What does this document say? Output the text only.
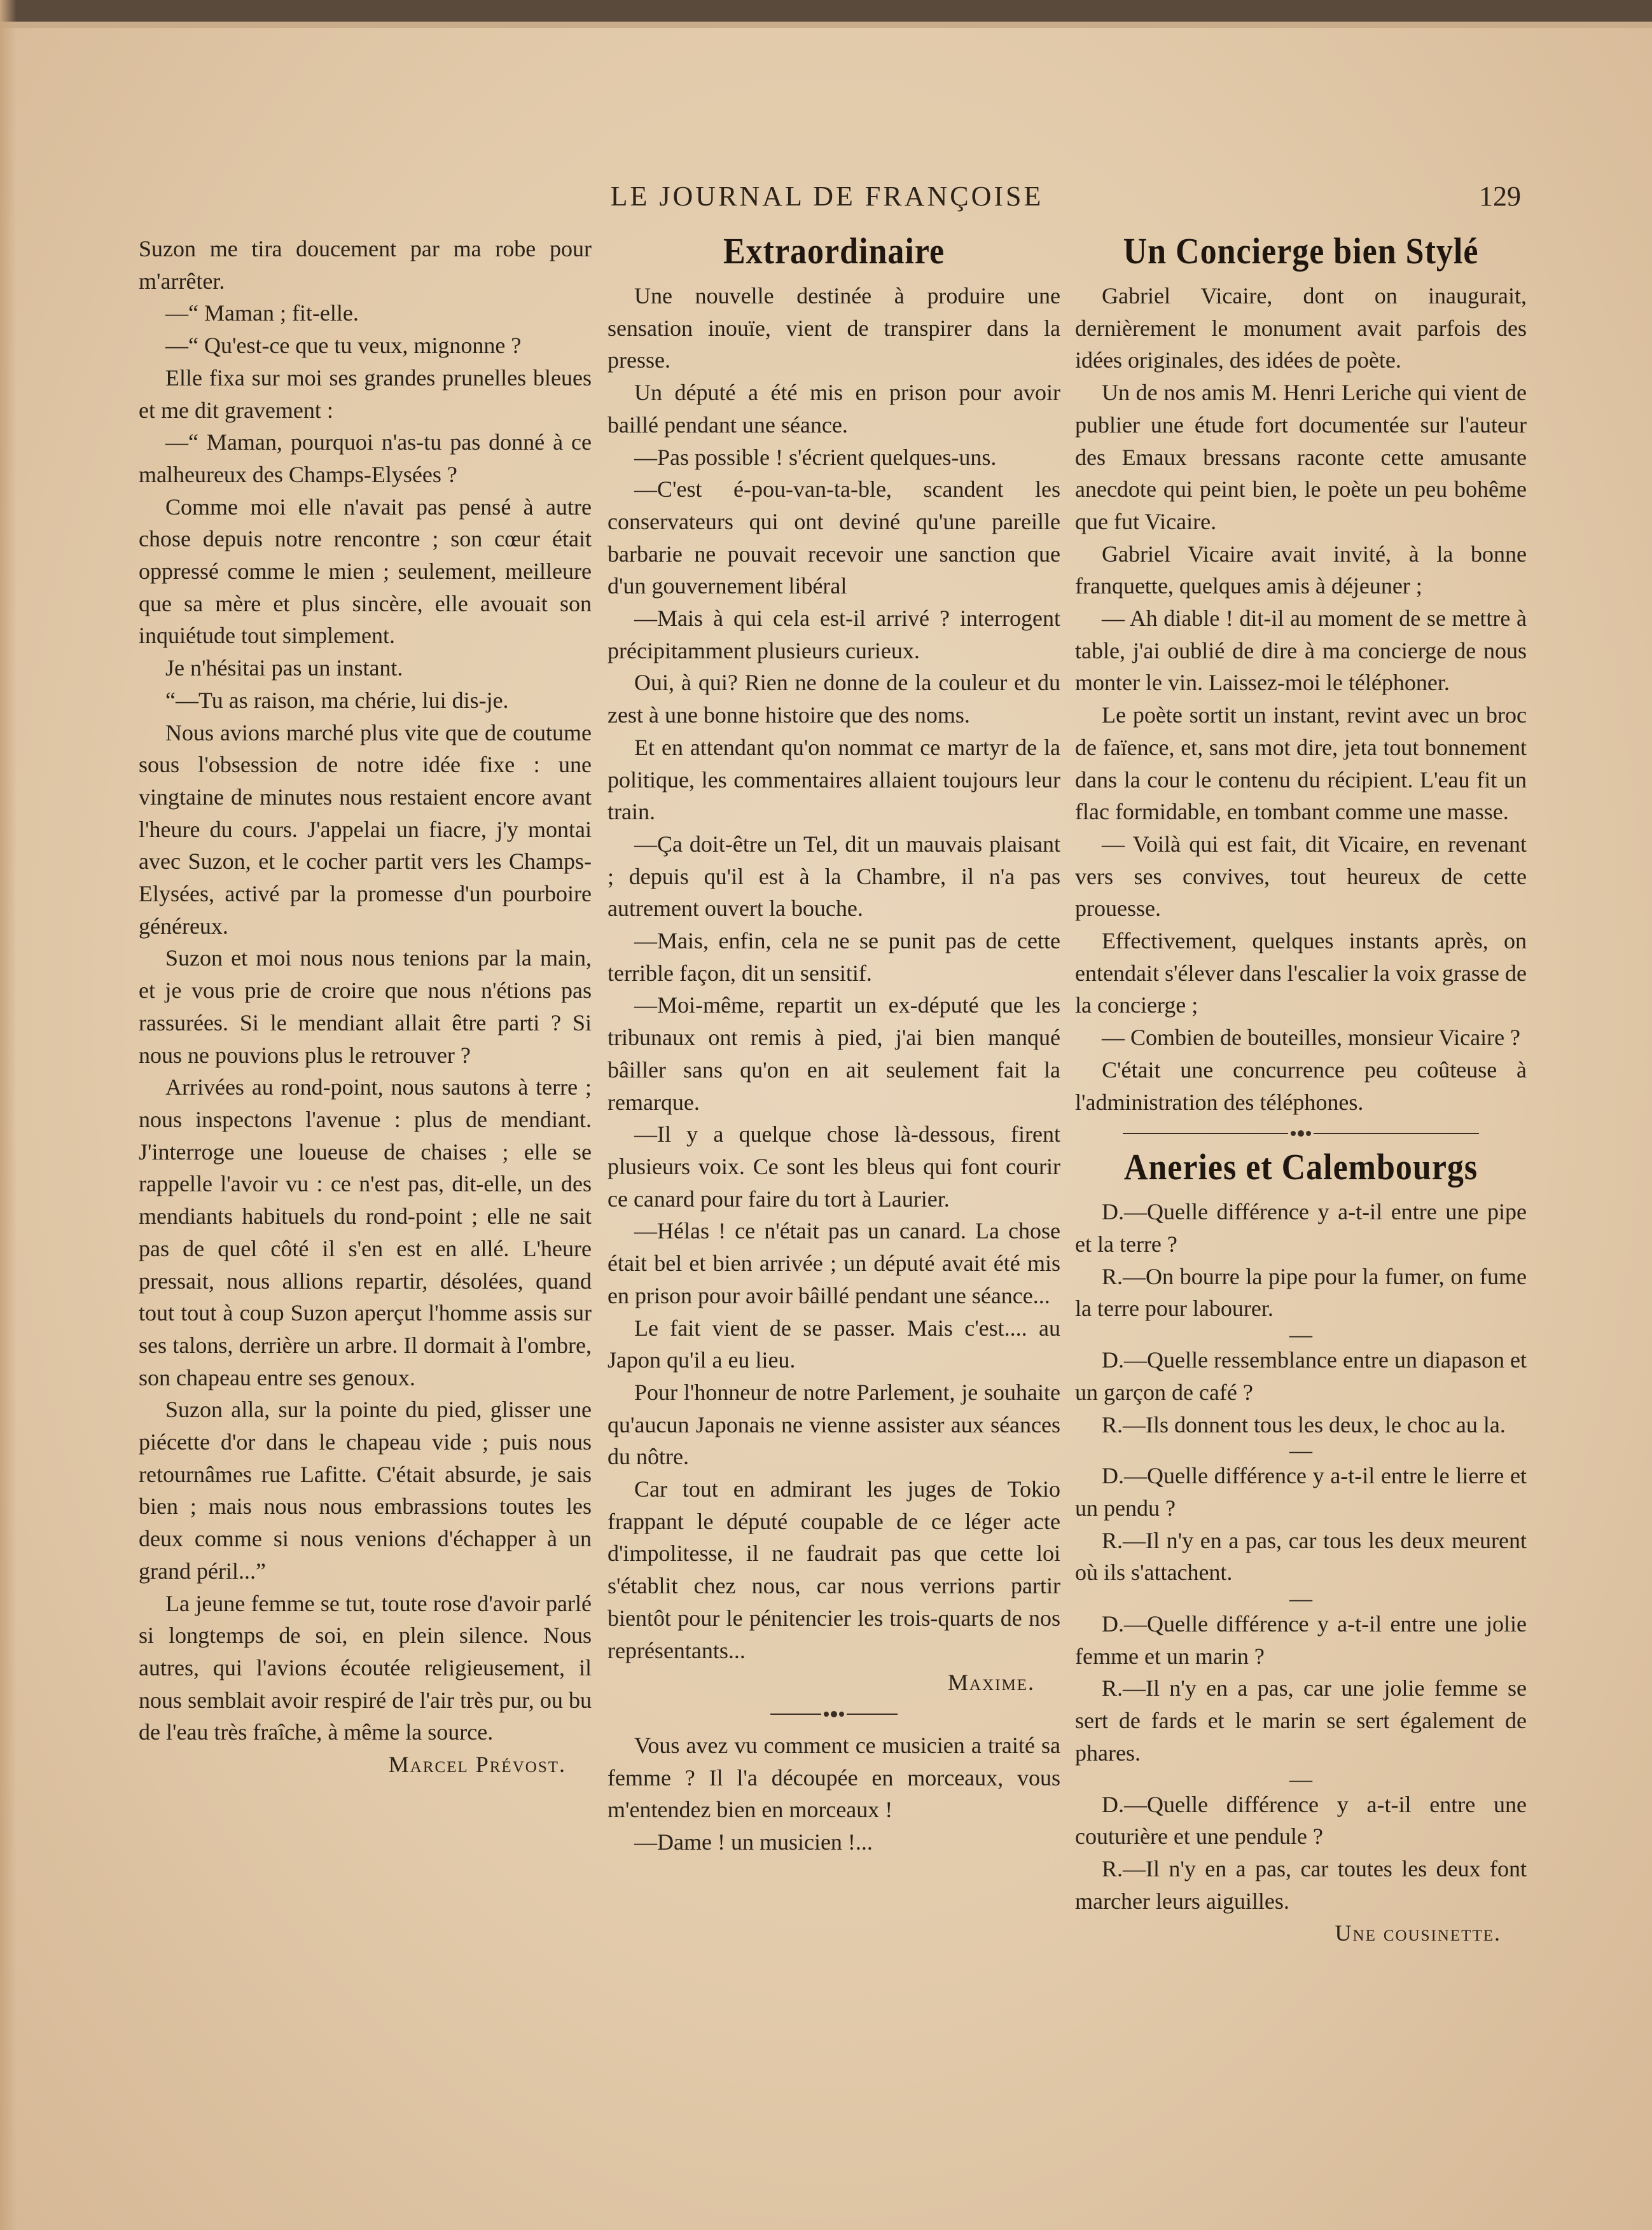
LE JOURNAL DE FRANÇOISE	129

Suzon me tira doucement par ma robe pour m'arrêter.

—“ Maman ; fit-elle.

—“ Qu'est-ce que tu veux, mignonne ?

Elle fixa sur moi ses grandes prunelles bleues et me dit gravement :

—“ Maman, pourquoi n'as-tu pas donné à ce malheureux des Champs-Elysées ?

Comme moi elle n'avait pas pensé à autre chose depuis notre rencontre ; son cœur était oppressé comme le mien ; seulement, meilleure que sa mère et plus sincère, elle avouait son inquiétude tout simplement.

Je n'hésitai pas un instant.

“—Tu as raison, ma chérie, lui dis-je.

Nous avions marché plus vite que de coutume sous l'obsession de notre idée fixe : une vingtaine de minutes nous restaient encore avant l'heure du cours. J'appelai un fiacre, j'y montai avec Suzon, et le cocher partit vers les Champs-Elysées, activé par la promesse d'un pourboire généreux.

Suzon et moi nous nous tenions par la main, et je vous prie de croire que nous n'étions pas rassurées. Si le mendiant allait être parti ? Si nous ne pouvions plus le retrouver ?

Arrivées au rond-point, nous sautons à terre ; nous inspectons l'avenue : plus de mendiant. J'interroge une loueuse de chaises ; elle se rappelle l'avoir vu : ce n'est pas, dit-elle, un des mendiants habituels du rond-point ; elle ne sait pas de quel côté il s'en est en allé. L'heure pressait, nous allions repartir, désolées, quand tout tout à coup Suzon aperçut l'homme assis sur ses talons, derrière un arbre. Il dormait à l'ombre, son chapeau entre ses genoux.

Suzon alla, sur la pointe du pied, glisser une piécette d'or dans le chapeau vide ; puis nous retournâmes rue Lafitte. C'était absurde, je sais bien ; mais nous nous embrassions toutes les deux comme si nous venions d'échapper à un grand péril...”

La jeune femme se tut, toute rose d'avoir parlé si longtemps de soi, en plein silence. Nous autres, qui l'avions écoutée religieusement, il nous semblait avoir respiré de l'air très pur, ou bu de l'eau très fraîche, à même la source.

Marcel Prévost.

Extraordinaire

Une nouvelle destinée à produire une sensation inouïe, vient de transpirer dans la presse.

Un député a été mis en prison pour avoir baillé pendant une séance.

—Pas possible ! s'écrient quelques-uns.

—C'est é-pou-van-ta-ble, scandent les conservateurs qui ont deviné qu'une pareille barbarie ne pouvait recevoir une sanction que d'un gouvernement libéral

—Mais à qui cela est-il arrivé ? interrogent précipitamment plusieurs curieux.

Oui, à qui? Rien ne donne de la couleur et du zest à une bonne histoire que des noms.

Et en attendant qu'on nommat ce martyr de la politique, les commentaires allaient toujours leur train.

—Ça doit-être un Tel, dit un mauvais plaisant ; depuis qu'il est à la Chambre, il n'a pas autrement ouvert la bouche.

—Mais, enfin, cela ne se punit pas de cette terrible façon, dit un sensitif.

—Moi-même, repartit un ex-député que les tribunaux ont remis à pied, j'ai bien manqué bâiller sans qu'on en ait seulement fait la remarque.

—Il y a quelque chose là-dessous, firent plusieurs voix. Ce sont les bleus qui font courir ce canard pour faire du tort à Laurier.

—Hélas ! ce n'était pas un canard. La chose était bel et bien arrivée ; un député avait été mis en prison pour avoir bâillé pendant une séance...

Le fait vient de se passer. Mais c'est.... au Japon qu'il a eu lieu.

Pour l'honneur de notre Parlement, je souhaite qu'aucun Japonais ne vienne assister aux séances du nôtre.

Car tout en admirant les juges de Tokio frappant le député coupable de ce léger acte d'impolitesse, il ne faudrait pas que cette loi s'établit chez nous, car nous verrions partir bientôt pour le pénitencier les trois-quarts de nos représentants...

Maxime.

Vous avez vu comment ce musicien a traité sa femme ? Il l'a découpée en morceaux, vous m'entendez bien en morceaux !

—Dame ! un musicien !...

Un Concierge bien Stylé

Gabriel Vicaire, dont on inaugurait, dernièrement le monument avait parfois des idées originales, des idées de poète.

Un de nos amis M. Henri Leriche qui vient de publier une étude fort documentée sur l'auteur des Emaux bressans raconte cette amusante anecdote qui peint bien, le poète un peu bohême que fut Vicaire.

Gabriel Vicaire avait invité, à la bonne franquette, quelques amis à déjeuner ;

— Ah diable ! dit-il au moment de se mettre à table, j'ai oublié de dire à ma concierge de nous monter le vin. Laissez-moi le téléphoner.

Le poète sortit un instant, revint avec un broc de faïence, et, sans mot dire, jeta tout bonnement dans la cour le contenu du récipient. L'eau fit un flac formidable, en tombant comme une masse.

— Voilà qui est fait, dit Vicaire, en revenant vers ses convives, tout heureux de cette prouesse.

Effectivement, quelques instants après, on entendait s'élever dans l'escalier la voix grasse de la concierge ;

— Combien de bouteilles, monsieur Vicaire ?

C'était une concurrence peu coûteuse à l'administration des téléphones.

Aneries et Calembourgs

D.—Quelle différence y a-t-il entre une pipe et la terre ?

R.—On bourre la pipe pour la fumer, on fume la terre pour labourer.

—

D.—Quelle ressemblance entre un diapason et un garçon de café ?

R.—Ils donnent tous les deux, le choc au la.

—

D.—Quelle différence y a-t-il entre le lierre et un pendu ?

R.—Il n'y en a pas, car tous les deux meurent où ils s'attachent.

—

D.—Quelle différence y a-t-il entre une jolie femme et un marin ?

R.—Il n'y en a pas, car une jolie femme se sert de fards et le marin se sert également de phares.

—

D.—Quelle différence y a-t-il entre une couturière et une pendule ?

R.—Il n'y en a pas, car toutes les deux font marcher leurs aiguilles.

Une cousinette.
